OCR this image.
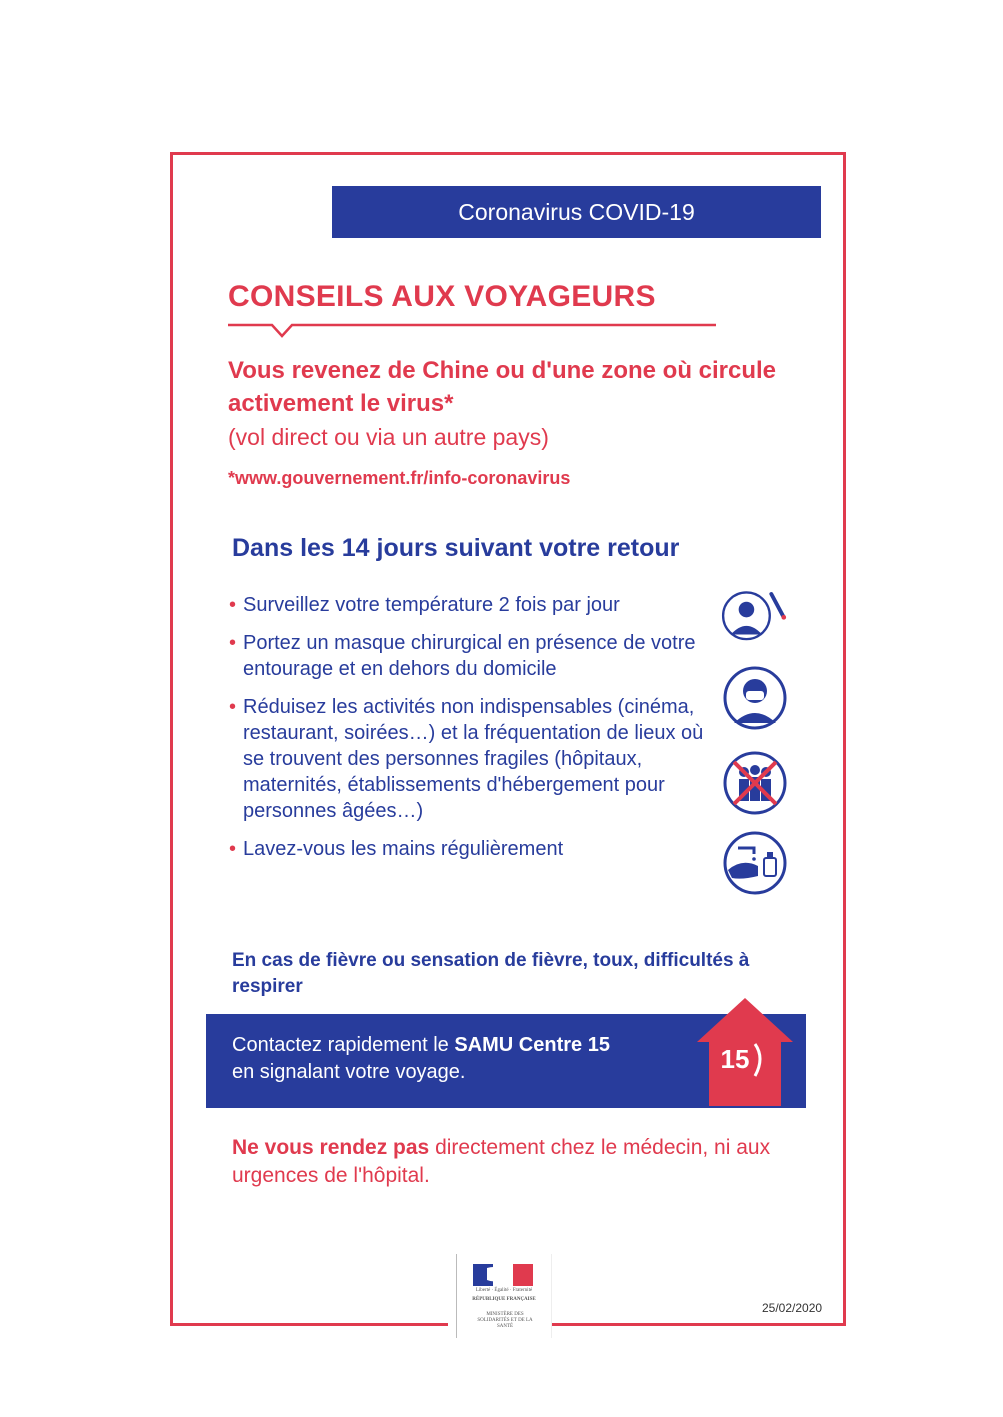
Coronavirus COVID-19
CONSEILS AUX VOYAGEURS
Vous revenez de Chine ou d'une zone où circule activement le virus*
(vol direct ou via un autre pays)
*www.gouvernement.fr/info-coronavirus
Dans les 14 jours suivant votre retour
• Surveillez votre température 2 fois par jour
• Portez un masque chirurgical en présence de votre entourage et en dehors du domicile
• Réduisez les activités non indispensables (cinéma, restaurant, soirées…) et la fréquentation de lieux où se trouvent des personnes fragiles (hôpitaux, maternités, établissements d'hébergement pour personnes âgées…)
• Lavez-vous les mains régulièrement
En cas de fièvre ou sensation de fièvre, toux, difficultés à respirer
Contactez rapidement le SAMU Centre 15
en signalant votre voyage.	15
Ne vous rendez pas directement chez le médecin, ni aux urgences de l'hôpital.
Liberté · Égalité · Fraternité
RÉPUBLIQUE FRANÇAISE
MINISTÈRE DES SOLIDARITÉS ET DE LA SANTÉ
25/02/2020
